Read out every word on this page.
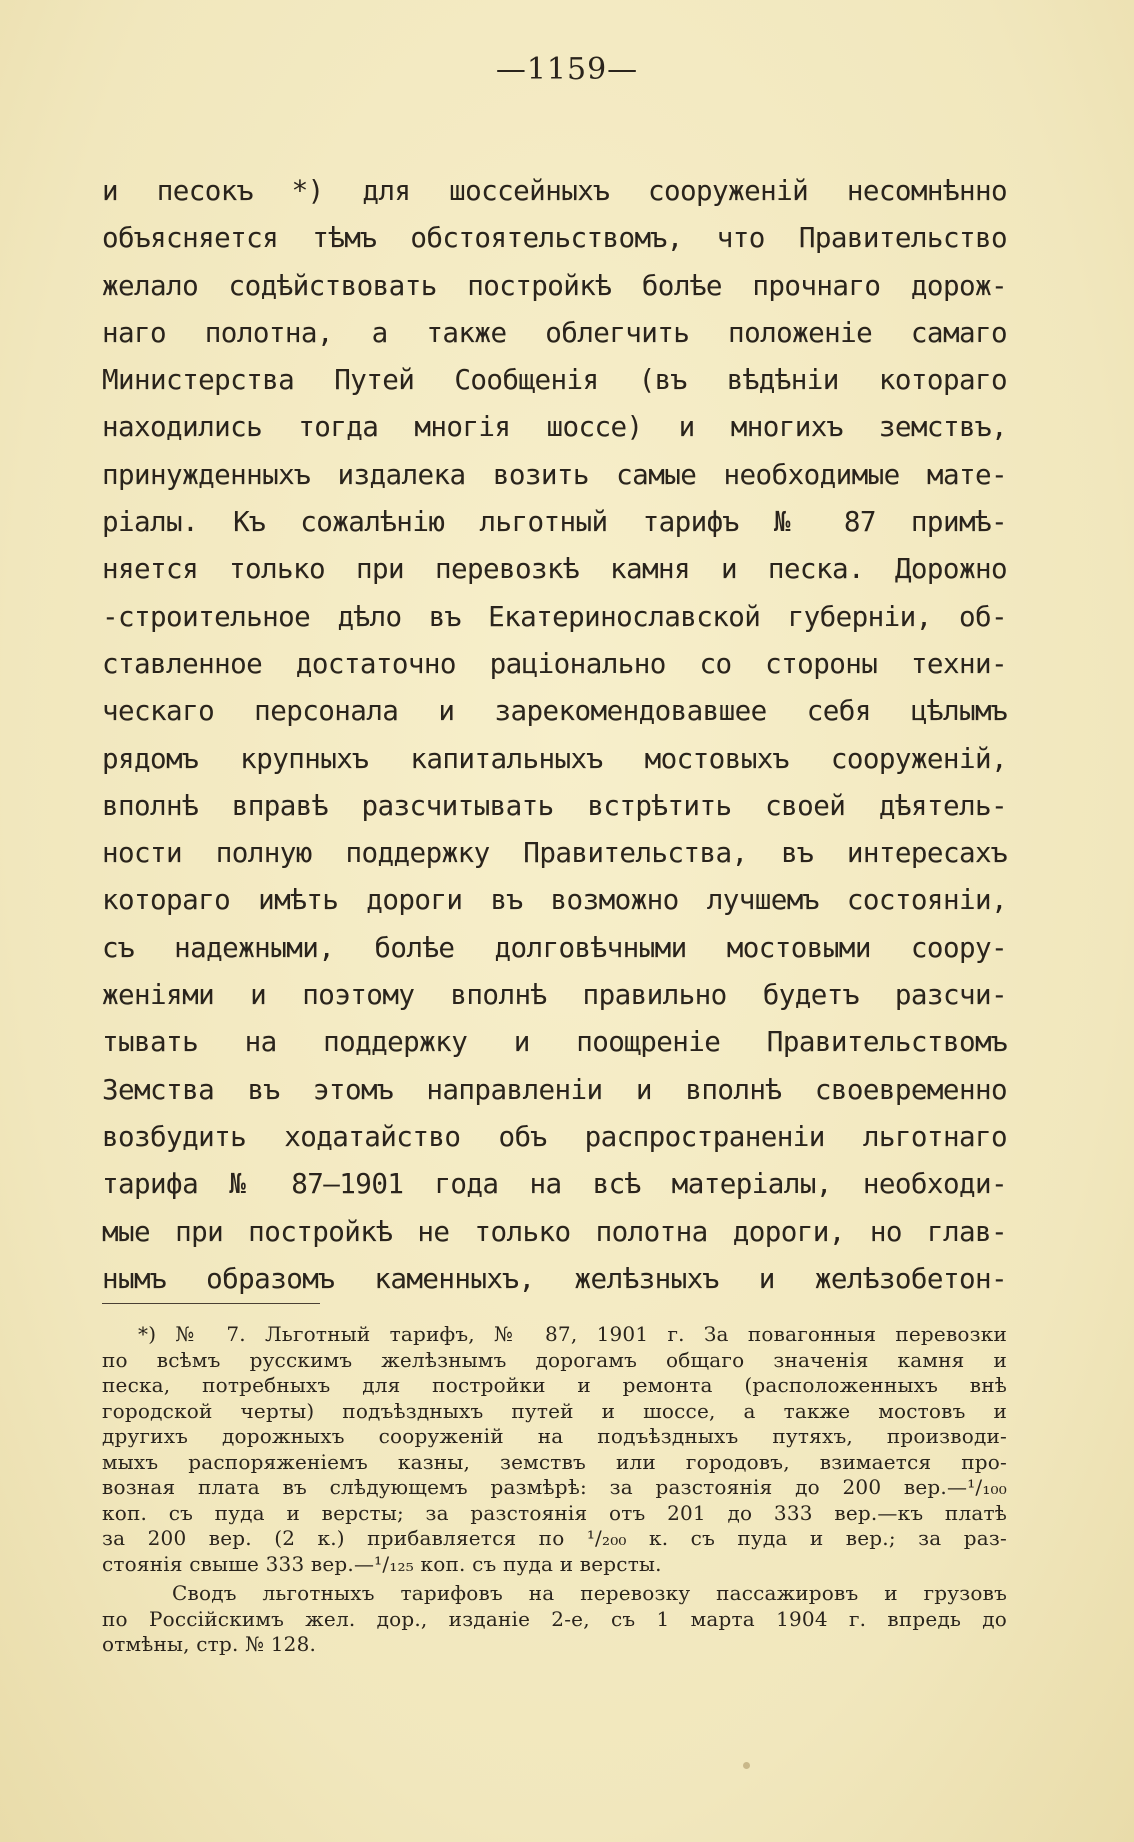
—1159—
и песокъ *) для шоссейныхъ сооруженій несомнѣнно
объясняется тѣмъ обстоятельствомъ, что Правительство
желало содѣйствовать постройкѣ болѣе прочнаго дорож-
наго полотна, а также облегчить положеніе самаго
Министерства Путей Сообщенія (въ вѣдѣніи котораго
находились тогда многія шоссе) и многихъ земствъ,
принужденныхъ издалека возить самые необходимые мате-
ріалы. Къ сожалѣнію льготный тарифъ № 87 примѣ-
няется только при перевозкѣ камня и песка. Дорожно
-строительное дѣло въ Екатеринославской губерніи, об-
ставленное достаточно раціонально со стороны техни-
ческаго персонала и зарекомендовавшее себя цѣлымъ
рядомъ крупныхъ капитальныхъ мостовыхъ сооруженій,
вполнѣ вправѣ разсчитывать встрѣтить своей дѣятель-
ности полную поддержку Правительства, въ интересахъ
котораго имѣть дороги въ возможно лучшемъ состояніи,
съ надежными, болѣе долговѣчными мостовыми соору-
женіями и поэтому вполнѣ правильно будетъ разсчи-
тывать на поддержку и поощреніе Правительствомъ
Земства въ этомъ направленіи и вполнѣ своевременно
возбудить ходатайство объ распространеніи льготнаго
тарифа № 87—1901 года на всѣ матеріалы, необходи-
мые при постройкѣ не только полотна дороги, но глав-
нымъ образомъ каменныхъ, желѣзныхъ и желѣзобетон-
*) № 7. Льготный тарифъ, № 87, 1901 г. За повагонныя перевозки
по всѣмъ русскимъ желѣзнымъ дорогамъ общаго значенія камня и
песка, потребныхъ для постройки и ремонта (расположенныхъ внѣ
городской черты) подъѣздныхъ путей и шоссе, а также мостовъ и
другихъ дорожныхъ сооруженій на подъѣздныхъ путяхъ, производи-
мыхъ распоряженіемъ казны, земствъ или городовъ, взимается про-
возная плата въ слѣдующемъ размѣрѣ: за разстоянія до 200 вер.—¹/₁₀₀
коп. съ пуда и версты; за разстоянія отъ 201 до 333 вер.—къ платѣ
за 200 вер. (2 к.) прибавляется по ¹/₂₀₀ к. съ пуда и вер.; за раз-
стоянія свыше 333 вер.—¹/₁₂₅ коп. съ пуда и версты.
Сводъ льготныхъ тарифовъ на перевозку пассажировъ и грузовъ
по Россійскимъ жел. дор., изданіе 2-е, съ 1 марта 1904 г. впредь до
отмѣны, стр. № 128.
